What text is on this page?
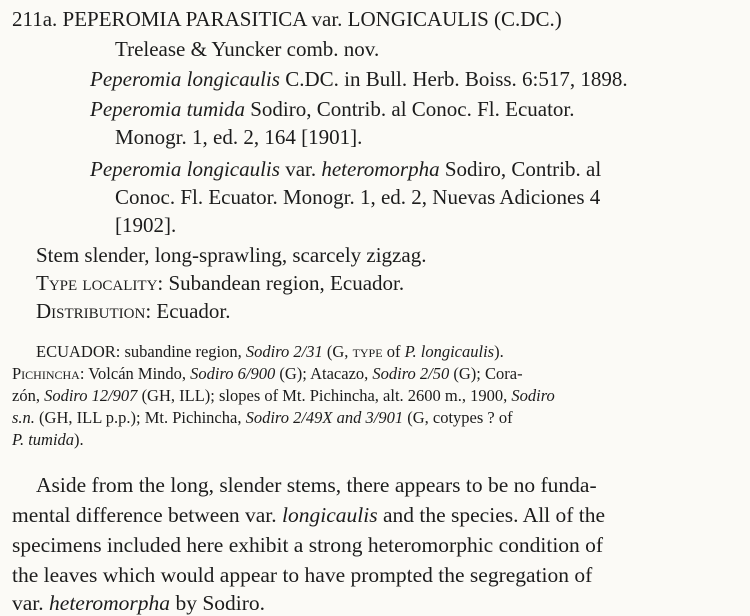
211a. PEPEROMIA PARASITICA var. LONGICAULIS (C.DC.)
Trelease & Yuncker comb. nov.
Peperomia longicaulis C.DC. in Bull. Herb. Boiss. 6:517, 1898.
Peperomia tumida Sodiro, Contrib. al Conoc. Fl. Ecuator.
Monogr. 1, ed. 2, 164 [1901].
Peperomia longicaulis var. heteromorpha Sodiro, Contrib. al
Conoc. Fl. Ecuator. Monogr. 1, ed. 2, Nuevas Adiciones 4
[1902].
Stem slender, long-sprawling, scarcely zigzag.
Type locality: Subandean region, Ecuador.
Distribution: Ecuador.
ECUADOR: subandine region, Sodiro 2/31 (G, type of P. longicaulis).
Pichincha: Volcán Mindo, Sodiro 6/900 (G); Atacazo, Sodiro 2/50 (G); Cora-
zón, Sodiro 12/907 (GH, ILL); slopes of Mt. Pichincha, alt. 2600 m., 1900, Sodiro
s.n. (GH, ILL p.p.); Mt. Pichincha, Sodiro 2/49X and 3/901 (G, cotypes ? of
P. tumida).
Aside from the long, slender stems, there appears to be no funda-
mental difference between var. longicaulis and the species. All of the
specimens included here exhibit a strong heteromorphic condition of
the leaves which would appear to have prompted the segregation of
var. heteromorpha by Sodiro.
